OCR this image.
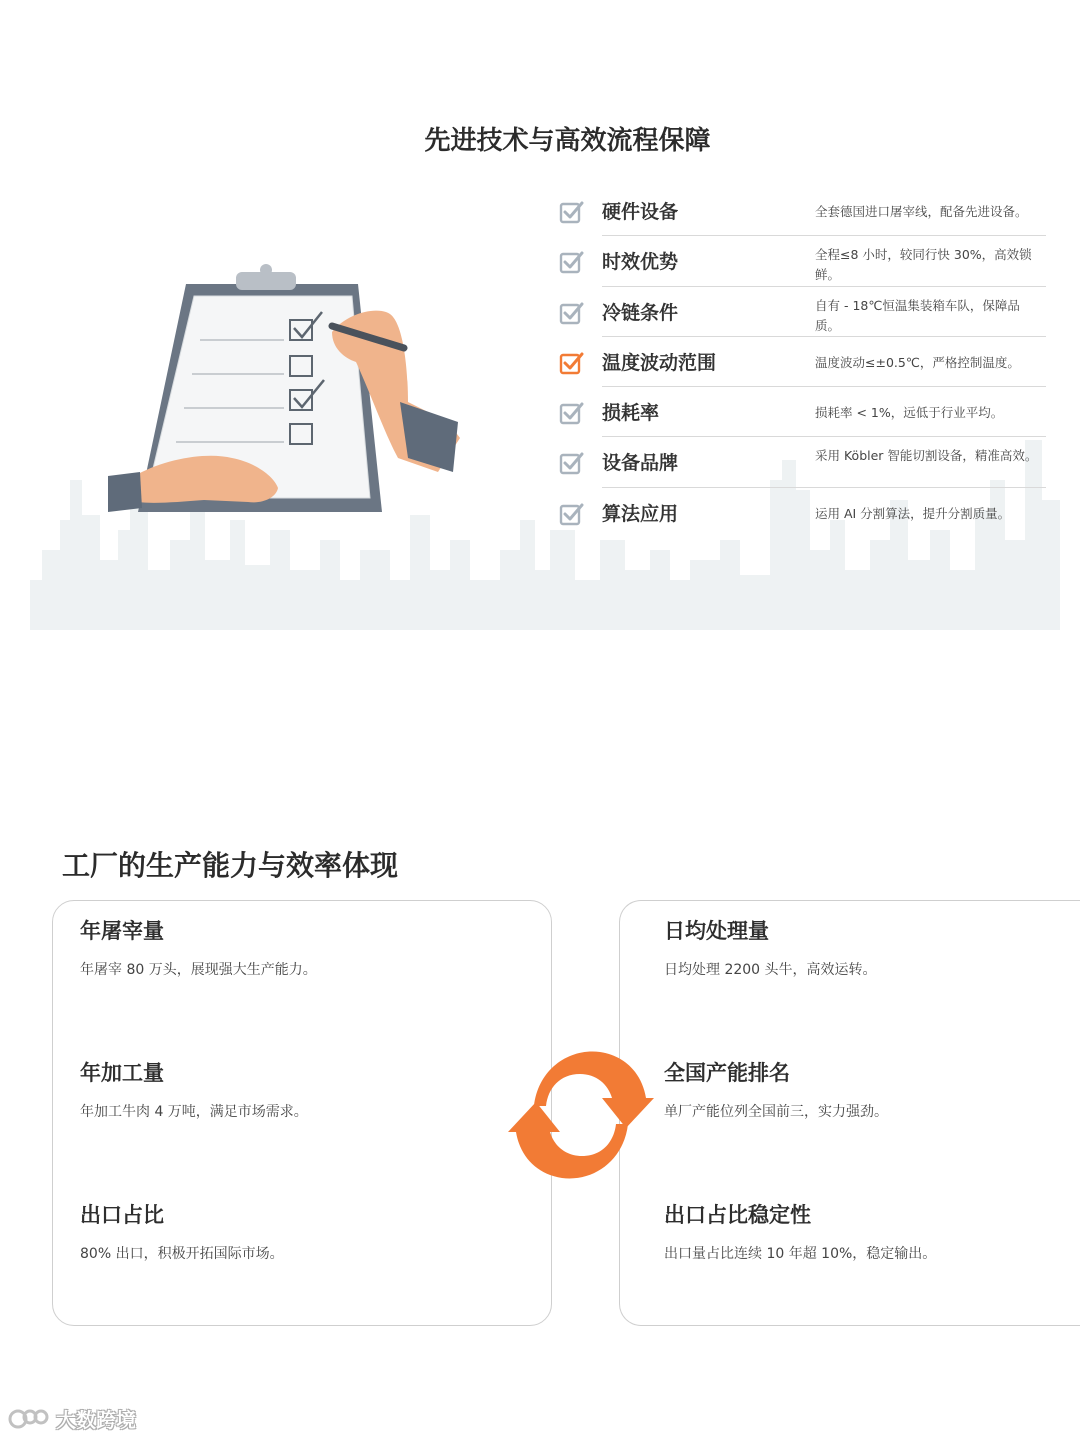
先进技术与高效流程保障
硬件设备	全套德国进口屠宰线，配备先进设备。
时效优势	全程≤8 小时，较同行快 30%，高效锁鲜。
冷链条件	自有 - 18℃恒温集装箱车队，保障品质。
温度波动范围	温度波动≤±0.5℃，严格控制温度。
损耗率	损耗率 < 1%，远低于行业平均。
设备品牌	采用 Köbler 智能切割设备，精准高效。
算法应用	运用 AI 分割算法，提升分割质量。
工厂的生产能力与效率体现
年屠宰量
年屠宰 80 万头，展现强大生产能力。
年加工量
年加工牛肉 4 万吨，满足市场需求。
出口占比
80% 出口，积极开拓国际市场。
日均处理量
日均处理 2200 头牛，高效运转。
全国产能排名
单厂产能位列全国前三，实力强劲。
出口占比稳定性
出口量占比连续 10 年超 10%，稳定输出。
大数跨境
